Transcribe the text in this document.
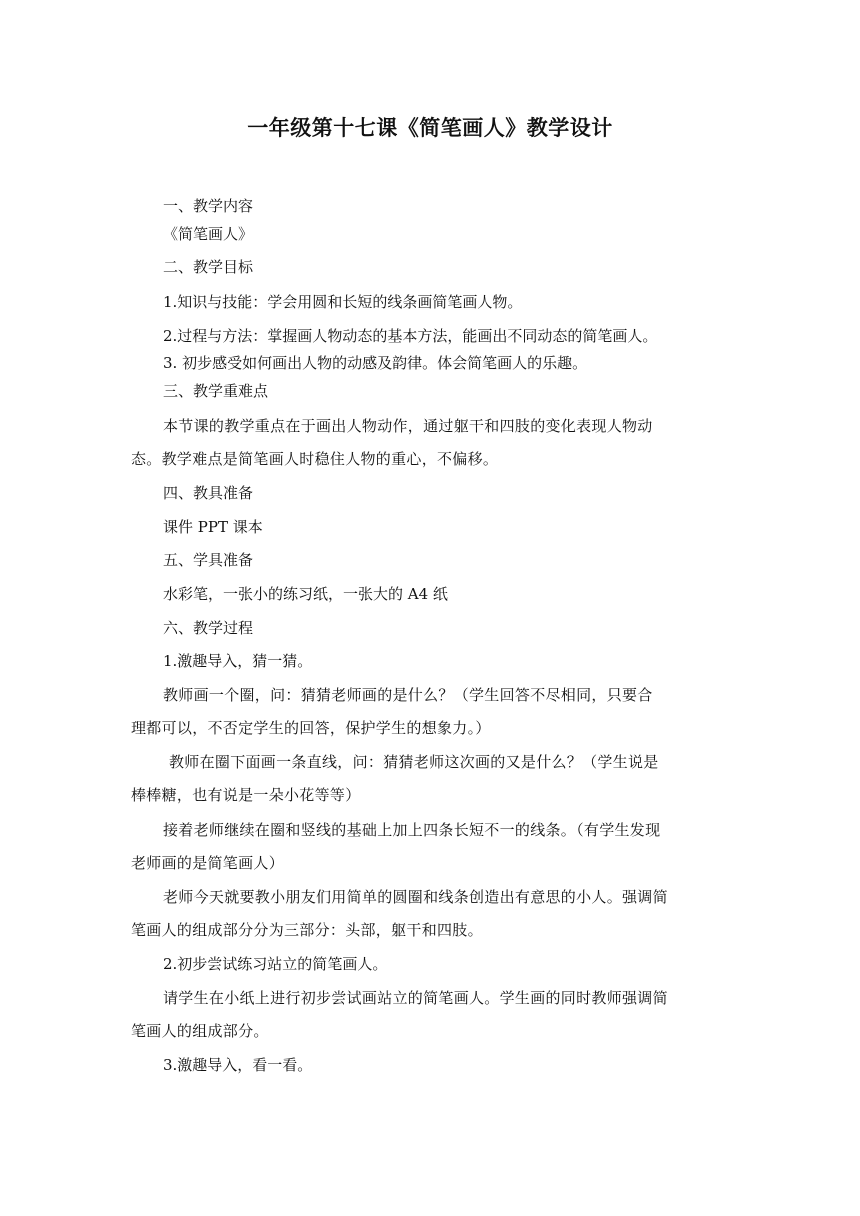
一年级第十七课《简笔画人》教学设计
一、教学内容
《简笔画人》
二、教学目标
1.知识与技能：学会用圆和长短的线条画简笔画人物。
2.过程与方法：掌握画人物动态的基本方法，能画出不同动态的简笔画人。
3. 初步感受如何画出人物的动感及韵律。体会简笔画人的乐趣。
三、教学重难点
本节课的教学重点在于画出人物动作，通过躯干和四肢的变化表现人物动
态。教学难点是简笔画人时稳住人物的重心，不偏移。
四、教具准备
课件 PPT 课本
五、学具准备
水彩笔，一张小的练习纸，一张大的 A4 纸
六、教学过程
1.激趣导入，猜一猜。
教师画一个圈，问：猜猜老师画的是什么？（学生回答不尽相同，只要合
理都可以，不否定学生的回答，保护学生的想象力。）
教师在圈下面画一条直线，问：猜猜老师这次画的又是什么？（学生说是
棒棒糖，也有说是一朵小花等等）
接着老师继续在圈和竖线的基础上加上四条长短不一的线条。（有学生发现
老师画的是简笔画人）
老师今天就要教小朋友们用简单的圆圈和线条创造出有意思的小人。强调简
笔画人的组成部分分为三部分：头部，躯干和四肢。
2.初步尝试练习站立的简笔画人。
请学生在小纸上进行初步尝试画站立的简笔画人。学生画的同时教师强调简
笔画人的组成部分。
3.激趣导入，看一看。
